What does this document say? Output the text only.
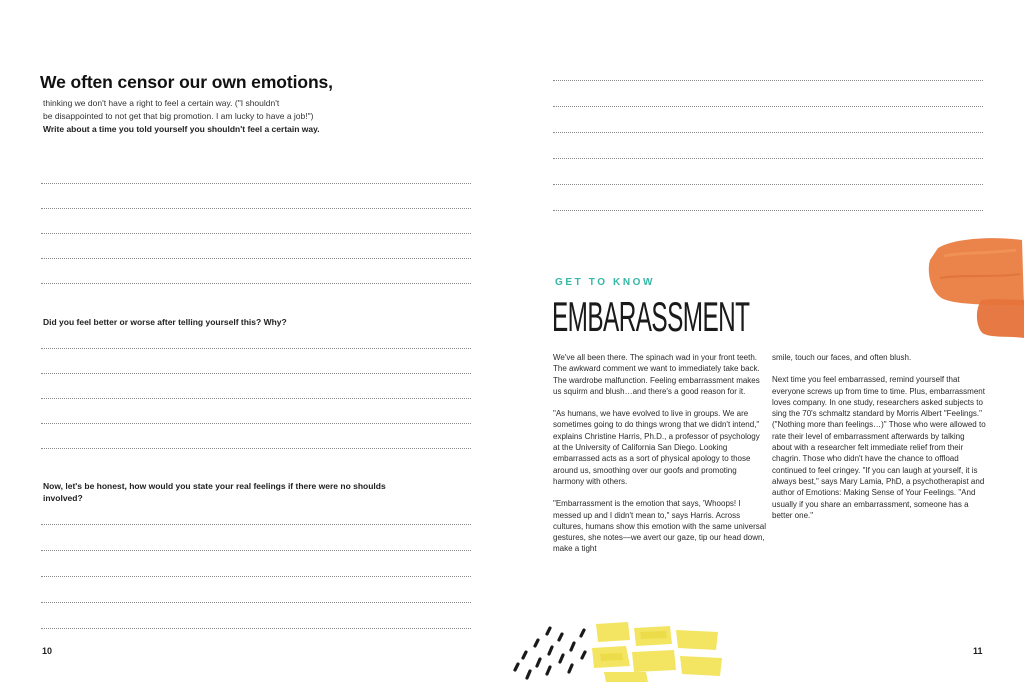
We often censor our own emotions,
thinking we don't have a right to feel a certain way. ("I shouldn't
be disappointed to not get that big promotion. I am lucky to have a job!")
Write about a time you told yourself you shouldn't feel a certain way.
Did you feel better or worse after telling yourself this? Why?
Now, let's be honest, how would you state your real feelings if there were no shoulds involved?
10
GET TO KNOW
EMBARASSMENT

We've all been there. The spinach wad in your front teeth. The awkward comment we want to immediately take back. The wardrobe malfunction. Feeling embarrassment makes us squirm and blush…and there's a good reason for it.

"As humans, we have evolved to live in groups. We are sometimes going to do things wrong that we didn't intend," explains Christine Harris, Ph.D., a professor of psychology at the University of California San Diego. Looking embarrassed acts as a sort of physical apology to those around us, smoothing over our goofs and promoting harmony with others.

"Embarrassment is the emotion that says, 'Whoops! I messed up and I didn't mean to," says Harris. Across cultures, humans show this emotion with the same universal gestures, she notes—we avert our gaze, tip our head down, make a tight

smile, touch our faces, and often blush.

Next time you feel embarrassed, remind yourself that everyone screws up from time to time. Plus, embarrassment loves company. In one study, researchers asked subjects to sing the 70's schmaltz standard by Morris Albert "Feelings." ("Nothing more than feelings…)" Those who were allowed to rate their level of embarrassment afterwards by talking about with a researcher felt immediate relief from their chagrin. Those who didn't have the chance to offload continued to feel cringey. "If you can laugh at yourself, it is always best," says Mary Lamia, PhD, a psychotherapist and author of Emotions: Making Sense of Your Feelings. "And usually if you share an embarrassment, someone has a better one."

11
